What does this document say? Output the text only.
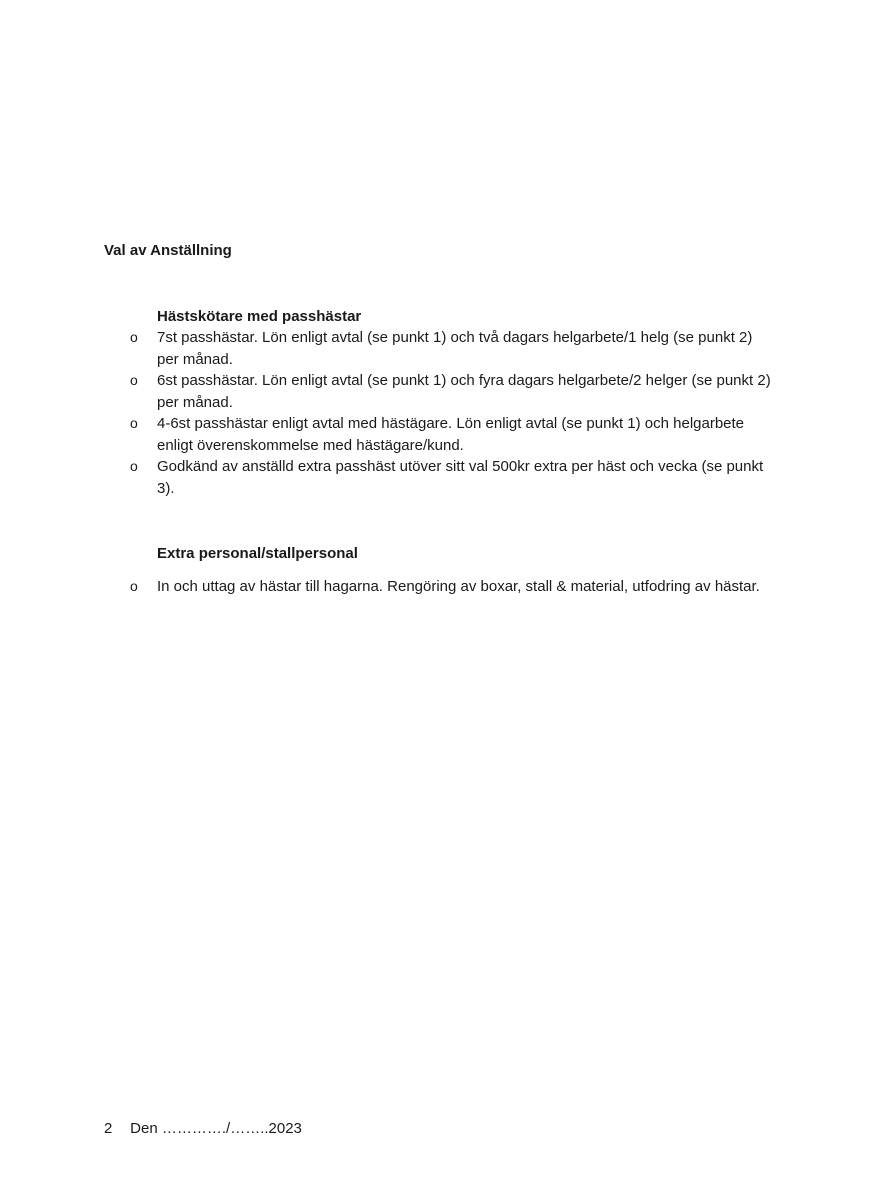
Val av Anställning

Hästskötare med passhästar

o 7st passhästar. Lön enligt avtal (se punkt 1) och två dagars helgarbete/1 helg (se punkt 2) per månad.
o 6st passhästar. Lön enligt avtal (se punkt 1) och fyra dagars helgarbete/2 helger (se punkt 2) per månad.
o 4-6st passhästar enligt avtal med hästägare. Lön enligt avtal (se punkt 1) och helgarbete enligt överenskommelse med hästägare/kund.
o Godkänd av anställd extra passhäst utöver sitt val 500kr extra per häst och vecka (se punkt 3).

Extra personal/stallpersonal

o In och uttag av hästar till hagarna. Rengöring av boxar, stall & material, utfodring av hästar.
2 Den …………./……..2023
